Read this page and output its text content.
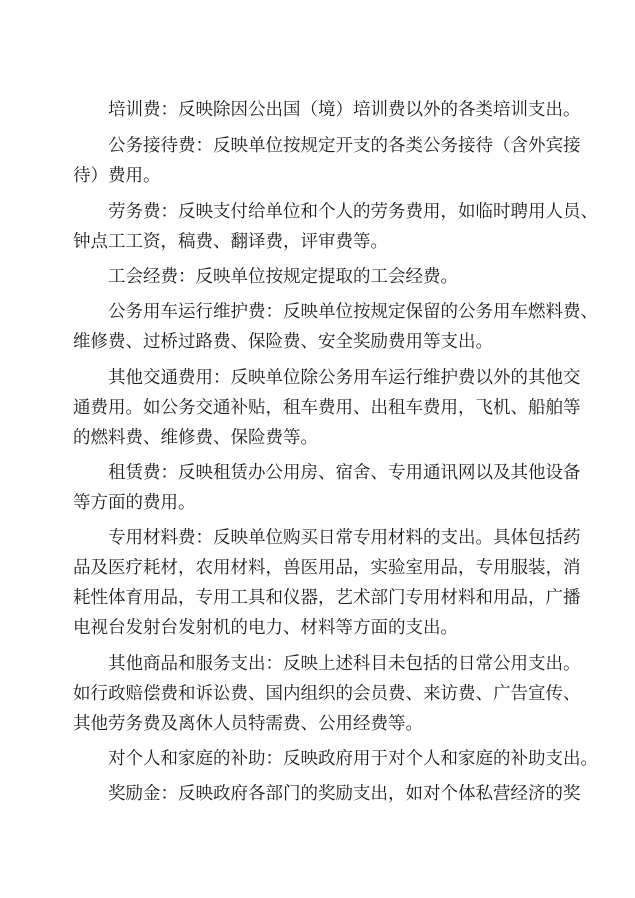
培训费：反映除因公出国（境）培训费以外的各类培训支出。
公务接待费：反映单位按规定开支的各类公务接待（含外宾接
待）费用。
劳务费：反映支付给单位和个人的劳务费用，如临时聘用人员、
钟点工工资，稿费、翻译费，评审费等。
工会经费：反映单位按规定提取的工会经费。
公务用车运行维护费：反映单位按规定保留的公务用车燃料费、
维修费、过桥过路费、保险费、安全奖励费用等支出。
其他交通费用：反映单位除公务用车运行维护费以外的其他交
通费用。如公务交通补贴，租车费用、出租车费用，飞机、船舶等
的燃料费、维修费、保险费等。
租赁费：反映租赁办公用房、宿舍、专用通讯网以及其他设备
等方面的费用。
专用材料费：反映单位购买日常专用材料的支出。具体包括药
品及医疗耗材，农用材料，兽医用品，实验室用品，专用服装，消
耗性体育用品，专用工具和仪器，艺术部门专用材料和用品，广播
电视台发射台发射机的电力、材料等方面的支出。
其他商品和服务支出：反映上述科目未包括的日常公用支出。
如行政赔偿费和诉讼费、国内组织的会员费、来访费、广告宣传、
其他劳务费及离休人员特需费、公用经费等。
对个人和家庭的补助：反映政府用于对个人和家庭的补助支出。
奖励金：反映政府各部门的奖励支出，如对个体私营经济的奖
